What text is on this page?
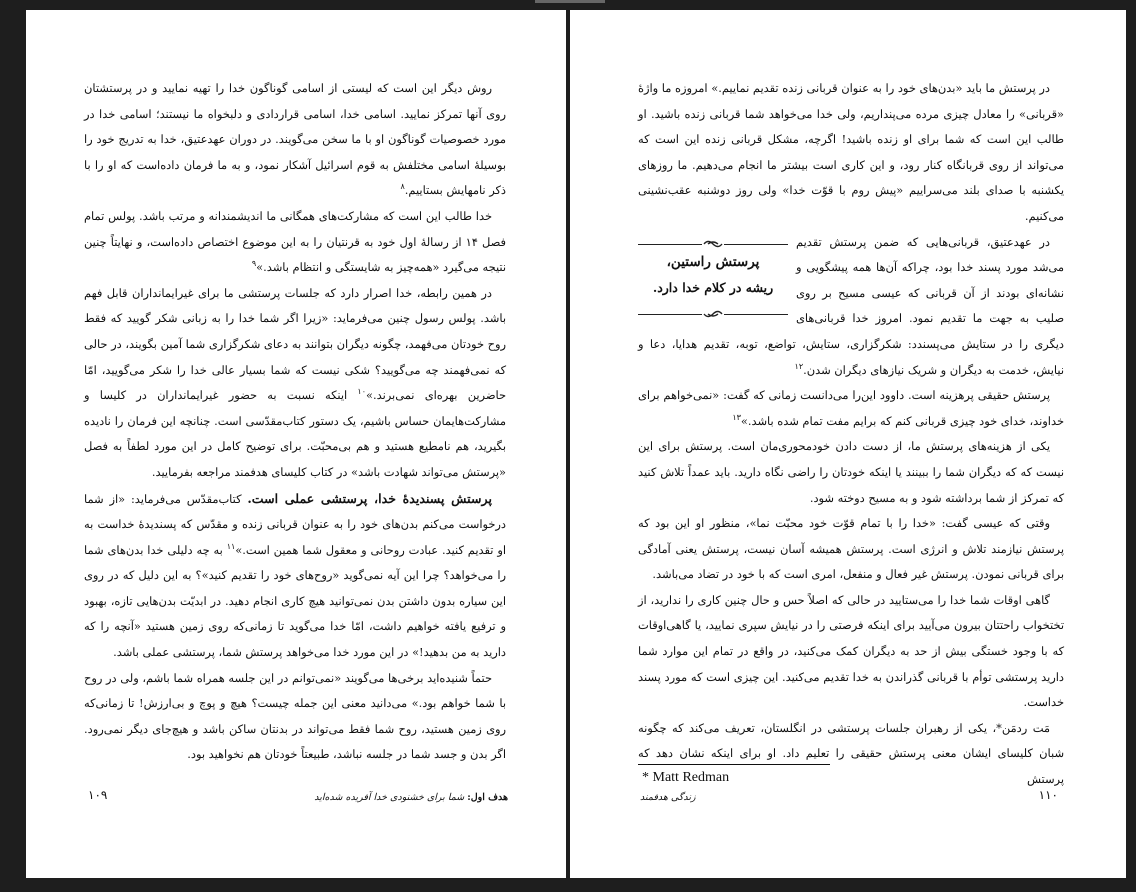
روش دیگر این است که لیستی از اسامی گوناگون خدا را تهیه نمایید و در پرستشتان روی آنها تمرکز نمایید. اسامی خدا، اسامی قراردادی و دلبخواه ما نیستند؛ اسامی خدا در مورد خصوصیات گوناگون او با ما سخن می‌گویند. در دوران عهدعتیق، خدا به تدریج خود را بوسیلهٔ اسامی مختلفش به قوم اسرائیل آشکار نمود، و به ما فرمان داده‌است که او را با ذکر نامهایش بستاییم.$^۸$

خدا طالب این است که مشارکت‌های همگانی ما اندیشمندانه و مرتب باشد. پولس تمام فصل ۱۴ از رسالهٔ اول خود به قرنتیان را به این موضوع اختصاص داده‌است، و نهایتاً چنین نتیجه می‌گیرد «همه‌چیز به شایستگی و انتظام باشد.»$^۹$

در همین رابطه، خدا اصرار دارد که جلسات پرستشی ما برای غیرایمانداران قابل فهم باشد. پولس رسول چنین می‌فرماید: «زیرا اگر شما خدا را به زبانی شکر گویید که فقط روح خودتان می‌فهمد، چگونه دیگران بتوانند به دعای شکرگزاری شما آمین بگویند، در حالی که نمی‌فهمند چه می‌گویید؟ شکی نیست که شما بسیار عالی خدا را شکر می‌گویید، امّا حاضرین بهره‌ای نمی‌برند.»$^{۱۰}$ اینکه نسبت به حضور غیرایمانداران در کلیسا و مشارکت‌هایمان حساس باشیم، یک دستور کتاب‌مقدّسی است. چنانچه این فرمان را نادیده بگیرید، هم نامطیع هستید و هم بی‌محبّت. برای توضیح کامل در این مورد لطفاً به فصل «پرستش می‌تواند شهادت باشد» در کتاب کلیسای هدفمند مراجعه بفرمایید.

پرستش پسندیدهٔ خدا، پرستشی عملی است. کتاب‌مقدّس می‌فرماید: «از شما درخواست می‌کنم بدن‌های خود را به عنوان قربانی زنده و مقدّس که پسندیدهٔ خداست به او تقدیم کنید. عبادت روحانی و معقول شما همین است.»$^{۱۱}$ به چه دلیلی خدا بدن‌های شما را می‌خواهد؟ چرا این آیه نمی‌گوید «روح‌های خود را تقدیم کنید»؟ به این دلیل که در روی این سیاره بدون داشتن بدن نمی‌توانید هیچ کاری انجام دهید. در ابدیّت بدن‌هایی تازه، بهبود و ترفیع یافته خواهیم داشت، امّا خدا می‌گوید تا زمانی‌که روی زمین هستید «آنچه را که دارید به من بدهید!» در این مورد خدا می‌خواهد پرستش شما، پرستشی عملی باشد.

حتماً شنیده‌اید برخی‌ها می‌گویند «نمی‌توانم در این جلسه همراه شما باشم، ولی در روح با شما خواهم بود.» می‌دانید معنی این جمله چیست؟ هیچ و پوچ و بی‌ارزش! تا زمانی‌که روی زمین هستید، روح شما فقط می‌تواند در بدنتان ساکن باشد و هیچ‌جای دیگر نمی‌رود. اگر بدن و جسد شما در جلسه نباشد، طبیعتاً خودتان هم نخواهید بود.

۱۰۹	هدف اول: شما برای خشنودی خدا آفریده شده‌اید

در پرستش ما باید «بدن‌های خود را به عنوان قربانی زنده تقدیم نماییم.» امروزه ما واژهٔ «قربانی» را معادل چیزی مرده می‌پنداریم، ولی خدا می‌خواهد شما قربانی زنده باشید. او طالب این است که شما برای او زنده باشید! اگرچه، مشکل قربانی زنده این است که می‌تواند از روی قربانگاه کنار رود، و این کاری است بیشتر ما انجام می‌دهیم. ما روزهای یکشنبه با صدای بلند می‌سراییم «پیش روم با قوّت خدا» ولی روز دوشنبه عقب‌نشینی می‌کنیم.

پرستش راستین،
ریشه در کلام خدا دارد.

در عهدعتیق، قربانی‌هایی که ضمن پرستش تقدیم می‌شد مورد پسند خدا بود، چراکه آن‌ها همه پیشگویی و نشانه‌ای بودند از آن قربانی که عیسی مسیح بر روی صلیب به جهت ما تقدیم نمود. امروز خدا قربانی‌های دیگری را در ستایش می‌پسندد: شکرگزاری، ستایش، تواضع، توبه، تقدیم هدایا، دعا و نیایش، خدمت به دیگران و شریک نیازهای دیگران شدن.$^{۱۲}$

پرستش حقیقی پرهزینه است. داوود این‌را می‌دانست زمانی که گفت: «نمی‌خواهم برای خداوند، خدای خود چیزی قربانی کنم که برایم مفت تمام شده باشد.»$^{۱۳}$

یکی از هزینه‌های پرستش ما، از دست دادن خودمحوری‌مان است. پرستش برای این نیست که که دیگران شما را ببینند یا اینکه خودتان را راضی نگاه دارید. باید عمداً تلاش کنید که تمرکز از شما برداشته شود و به مسیح دوخته شود.

وقتی که عیسی گفت: «خدا را با تمام قوّت خود محبّت نما»، منظور او این بود که پرستش نیازمند تلاش و انرژی است. پرستش همیشه آسان نیست، پرستش یعنی آمادگی برای قربانی نمودن. پرستش غیر فعال و منفعل، امری است که با خود در تضاد می‌باشد.

گاهی اوقات شما خدا را می‌ستایید در حالی که اصلاً حس و حال چنین کاری را ندارید، از تختخواب راحتتان بیرون می‌آیید برای اینکه فرصتی را در نیایش سپری نمایید، یا گاهی‌اوقات که با وجود خستگی بیش از حد به دیگران کمک می‌کنید، در واقع در تمام این موارد شما دارید پرستشی توأم با قربانی گذراندن به خدا تقدیم می‌کنید. این چیزی است که مورد پسند خداست.

مَت ردمَن*، یکی از رهبران جلسات پرستشی در انگلستان، تعریف می‌کند که چگونه شبان کلیسای ایشان معنی پرستش حقیقی را تعلیم داد. او برای اینکه نشان دهد که پرستش

* Matt Redman
۱۱۰
زندگی هدفمند
